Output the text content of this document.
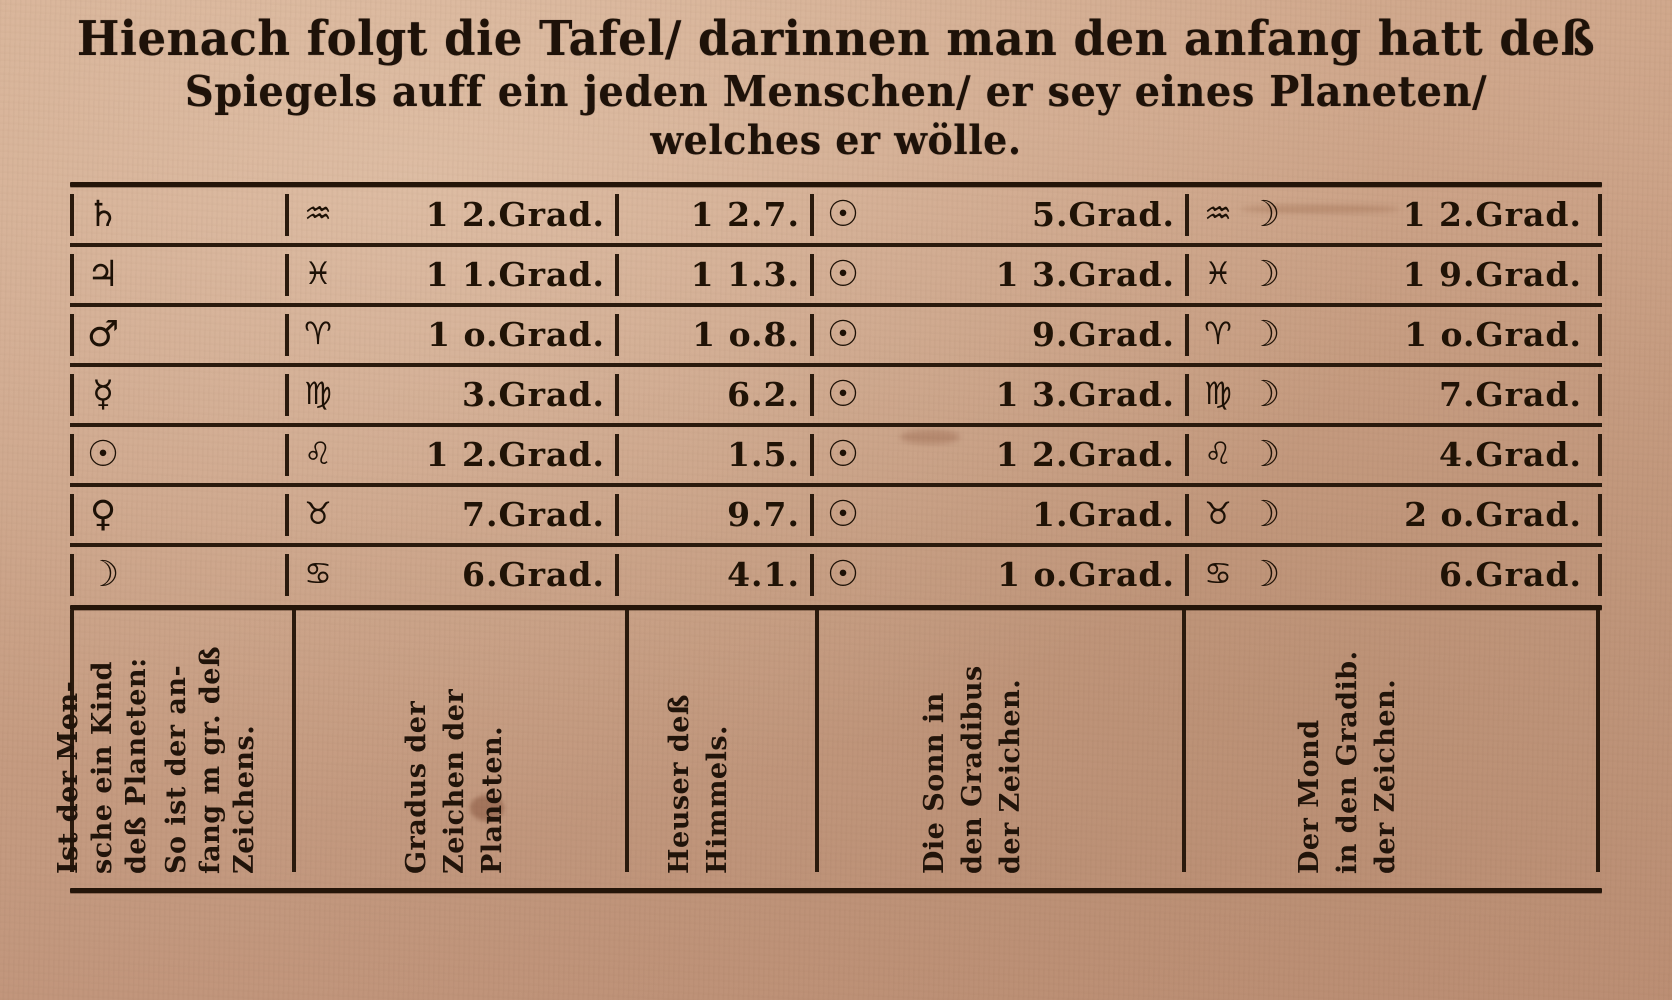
Hienach folgt die Tafel/ darinnen man den anfang hatt deß
Spiegels auff ein jeden Menschen/ er sey eines Planeten/
welches er wölle.
♄	♒ 1 2.Grad.	1 2.7.	☉ 5.Grad.	♒ ☽ 1 2.Grad.

♃	♓ 1 1.Grad.	1 1.3.	☉ 1 3.Grad.	♓ ☽ 1 9.Grad.

♂	♈ 1 o.Grad.	1 o.8.	☉ 9.Grad.	♈ ☽ 1 o.Grad.

☿	♍ 3.Grad.	6.2.	☉ 1 3.Grad.	♍ ☽ 7.Grad.

☉	♌ 1 2.Grad.	1.5.	☉ 1 2.Grad.	♌ ☽ 4.Grad.

♀	♉ 7.Grad.	9.7.	☉ 1.Grad.	♉ ☽ 2 o.Grad.

☽	♋ 6.Grad.	4.1.	☉ 1 o.Grad.	♋ ☽ 6.Grad.
Ist der Men- sche ein Kind deß Planeten: So ist der an- fang m gr. deß Zeichens.	Gradus der Zeichen der Planeten.	Heuser deß Himmels.	Die Sonn in den Gradibus der Zeichen.	Der Mond in den Gradib. der Zeichen.
